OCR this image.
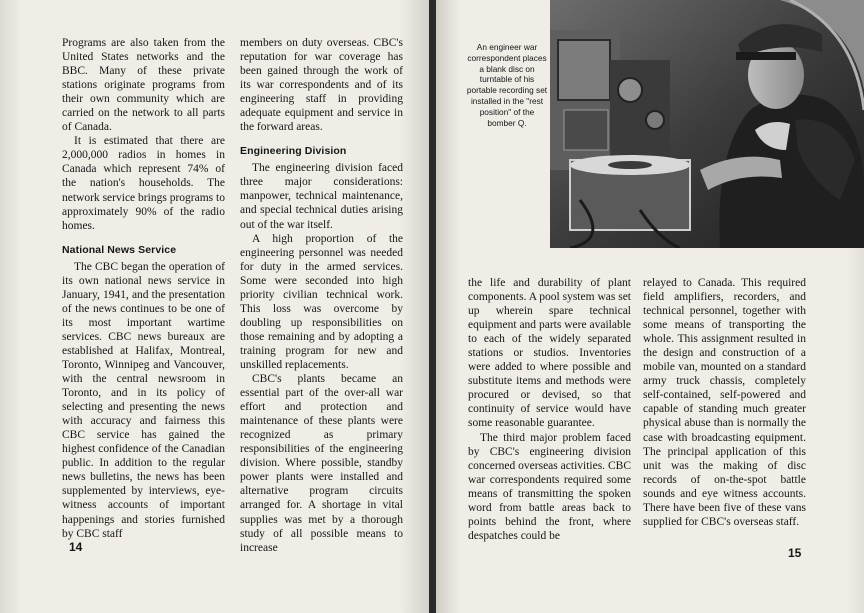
Programs are also taken from the United States networks and the BBC. Many of these private stations originate programs from their own community which are carried on the network to all parts of Canada.

It is estimated that there are 2,000,000 radios in homes in Canada which represent 74% of the nation's households. The network service brings programs to approximately 90% of the radio homes.

National News Service

The CBC began the operation of its own national news service in January, 1941, and the presentation of the news continues to be one of its most important wartime services. CBC news bureaux are established at Halifax, Montreal, Toronto, Winnipeg and Vancouver, with the central newsroom in Toronto, and in its policy of selecting and presenting the news with accuracy and fairness this CBC service has gained the highest confidence of the Canadian public. In addition to the regular news bulletins, the news has been supplemented by interviews, eye-witness accounts of important happenings and stories furnished by CBC staff

members on duty overseas. CBC's reputation for war coverage has been gained through the work of its war correspondents and of its engineering staff in providing adequate equipment and service in the forward areas.

Engineering Division

The engineering division faced three major considerations: manpower, technical maintenance, and special technical duties arising out of the war itself.

A high proportion of the engineering personnel was needed for duty in the armed services. Some were seconded into high priority civilian technical work. This loss was overcome by doubling up responsibilities on those remaining and by adopting a training program for new and unskilled replacements.

CBC's plants became an essential part of the over-all war effort and protection and maintenance of these plants were recognized as primary responsibilities of the engineering division. Where possible, standby power plants were installed and alternative program circuits arranged for. A shortage in vital supplies was met by a thorough study of all possible means to increase

14
An engineer war correspondent places a blank disc on turntable of his portable recording set installed in the "rest position" of the bomber Q.

the life and durability of plant components. A pool system was set up wherein spare technical equipment and parts were available to each of the widely separated stations or studios. Inventories were added to where possible and substitute items and methods were procured or devised, so that continuity of service would have some reasonable guarantee.

The third major problem faced by CBC's engineering division concerned overseas activities. CBC war correspondents required some means of transmitting the spoken word from battle areas back to points behind the front, where despatches could be

relayed to Canada. This required field amplifiers, recorders, and technical personnel, together with some means of transporting the whole. This assignment resulted in the design and construction of a mobile van, mounted on a standard army truck chassis, completely self-contained, self-powered and capable of standing much greater physical abuse than is normally the case with broadcasting equipment. The principal application of this unit was the making of disc records of on-the-spot battle sounds and eye witness accounts. There have been five of these vans supplied for CBC's overseas staff.

15
